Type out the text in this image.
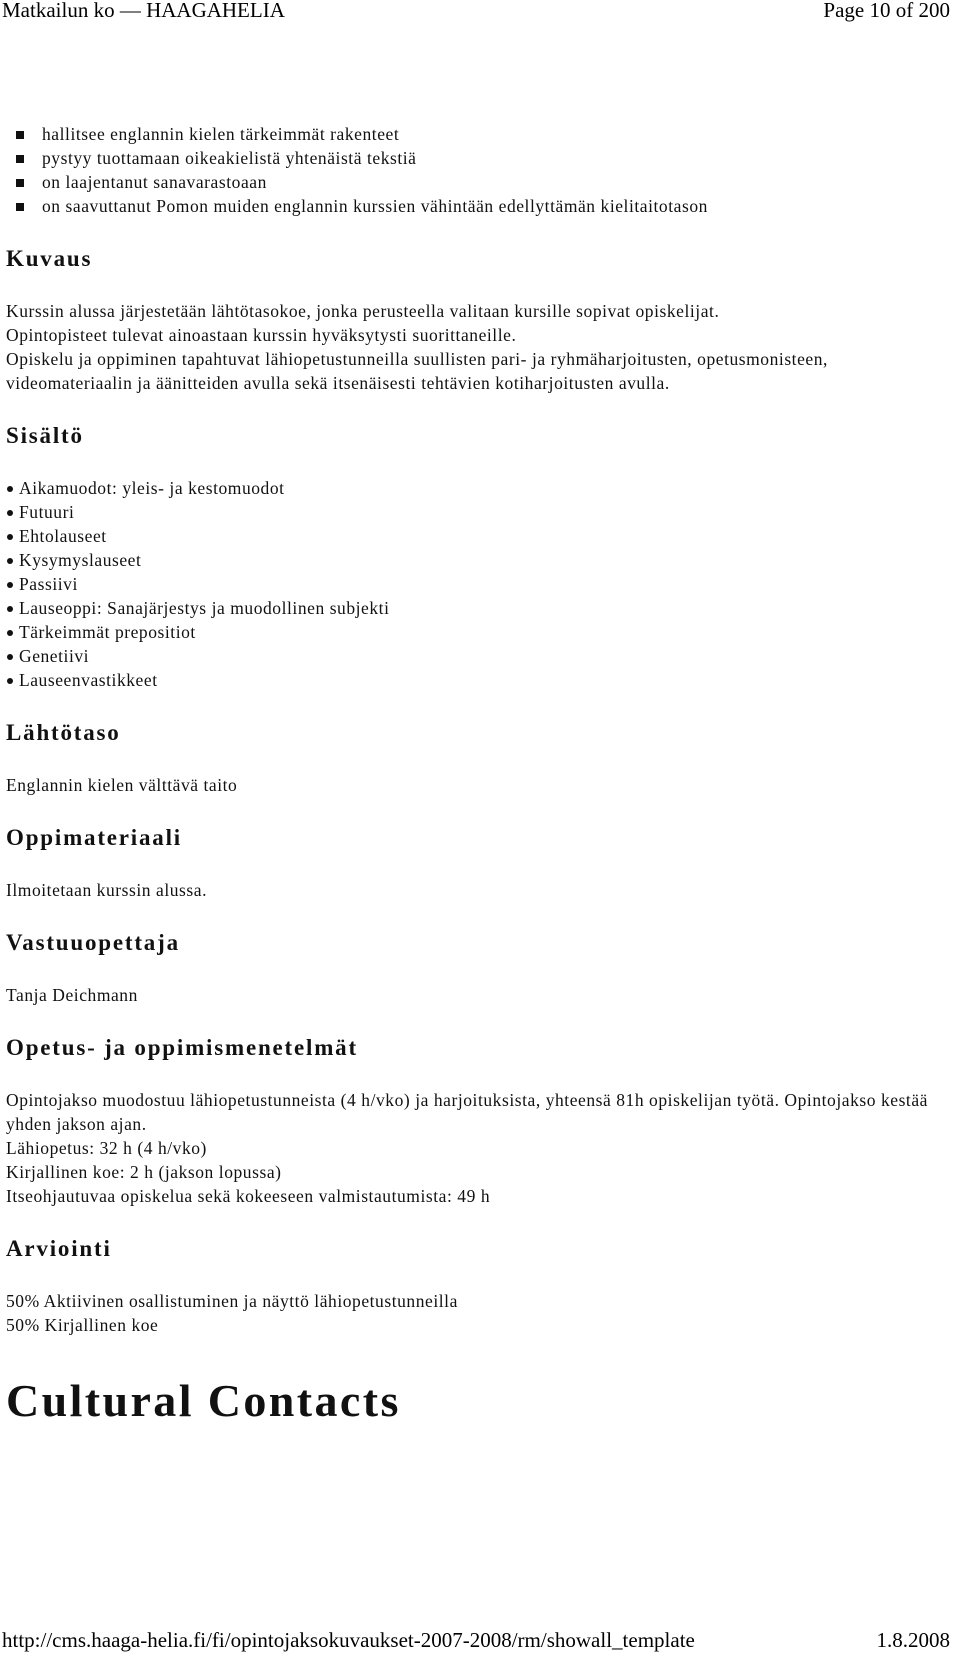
Matkailun ko — HAAGAHELIA	Page 10 of 200
hallitsee englannin kielen tärkeimmät rakenteet
pystyy tuottamaan oikeakielistä yhtenäistä tekstiä
on laajentanut sanavarastoaan
on saavuttanut Pomon muiden englannin kurssien vähintään edellyttämän kielitaitotason
Kuvaus
Kurssin alussa järjestetään lähtötasokoe, jonka perusteella valitaan kursille sopivat opiskelijat.
Opintopisteet tulevat ainoastaan kurssin hyväksytysti suorittaneille.
Opiskelu ja oppiminen tapahtuvat lähiopetustunneilla suullisten pari- ja ryhmäharjoitusten, opetusmonisteen, videomateriaalin ja äänitteiden avulla sekä itsenäisesti tehtävien kotiharjoitusten avulla.
Sisältö
Aikamuodot: yleis- ja kestomuodot
Futuuri
Ehtolauseet
Kysymyslauseet
Passiivi
Lauseoppi: Sanajärjestys ja muodollinen subjekti
Tärkeimmät prepositiot
Genetiivi
Lauseenvastikkeet
Lähtötaso
Englannin kielen välttävä taito
Oppimateriaali
Ilmoitetaan kurssin alussa.
Vastuuopettaja
Tanja Deichmann
Opetus- ja oppimismenetelmät
Opintojakso muodostuu lähiopetustunneista (4 h/vko) ja harjoituksista, yhteensä 81h opiskelijan työtä. Opintojakso kestää yhden jakson ajan.
Lähiopetus: 32 h (4 h/vko)
Kirjallinen koe: 2 h (jakson lopussa)
Itseohjautuvaa opiskelua sekä kokeeseen valmistautumista: 49 h
Arviointi
50% Aktiivinen osallistuminen ja näyttö lähiopetustunneilla
50% Kirjallinen koe
Cultural Contacts
http://cms.haaga-helia.fi/fi/opintojaksokuvaukset-2007-2008/rm/showall_template	1.8.2008
